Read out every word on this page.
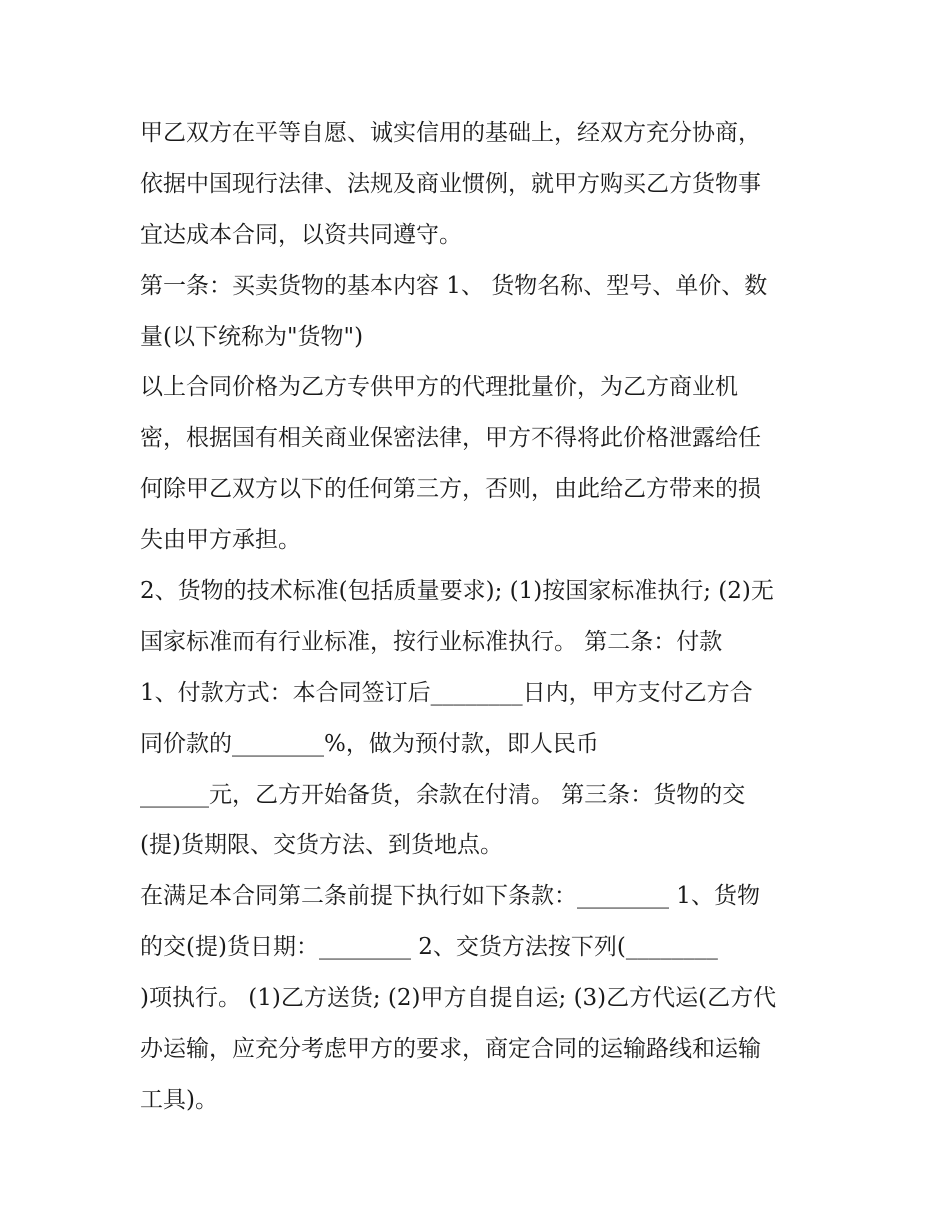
甲乙双方在平等自愿、诚实信用的基础上，经双方充分协商，
依据中国现行法律、法规及商业惯例，就甲方购买乙方货物事
宜达成本合同，以资共同遵守。
第一条：买卖货物的基本内容 1、 货物名称、型号、单价、数
量(以下统称为"货物")
以上合同价格为乙方专供甲方的代理批量价，为乙方商业机
密，根据国有相关商业保密法律，甲方不得将此价格泄露给任
何除甲乙双方以下的任何第三方，否则，由此给乙方带来的损
失由甲方承担。
2、货物的技术标准(包括质量要求); (1)按国家标准执行; (2)无
国家标准而有行业标准，按行业标准执行。 第二条：付款
1、付款方式：本合同签订后________日内，甲方支付乙方合
同价款的________%，做为预付款，即人民币
______元，乙方开始备货，余款在付清。 第三条：货物的交
(提)货期限、交货方法、到货地点。
在满足本合同第二条前提下执行如下条款：________ 1、货物
的交(提)货日期：________ 2、交货方法按下列(________
)项执行。 (1)乙方送货; (2)甲方自提自运; (3)乙方代运(乙方代
办运输，应充分考虑甲方的要求，商定合同的运输路线和运输
工具)。
